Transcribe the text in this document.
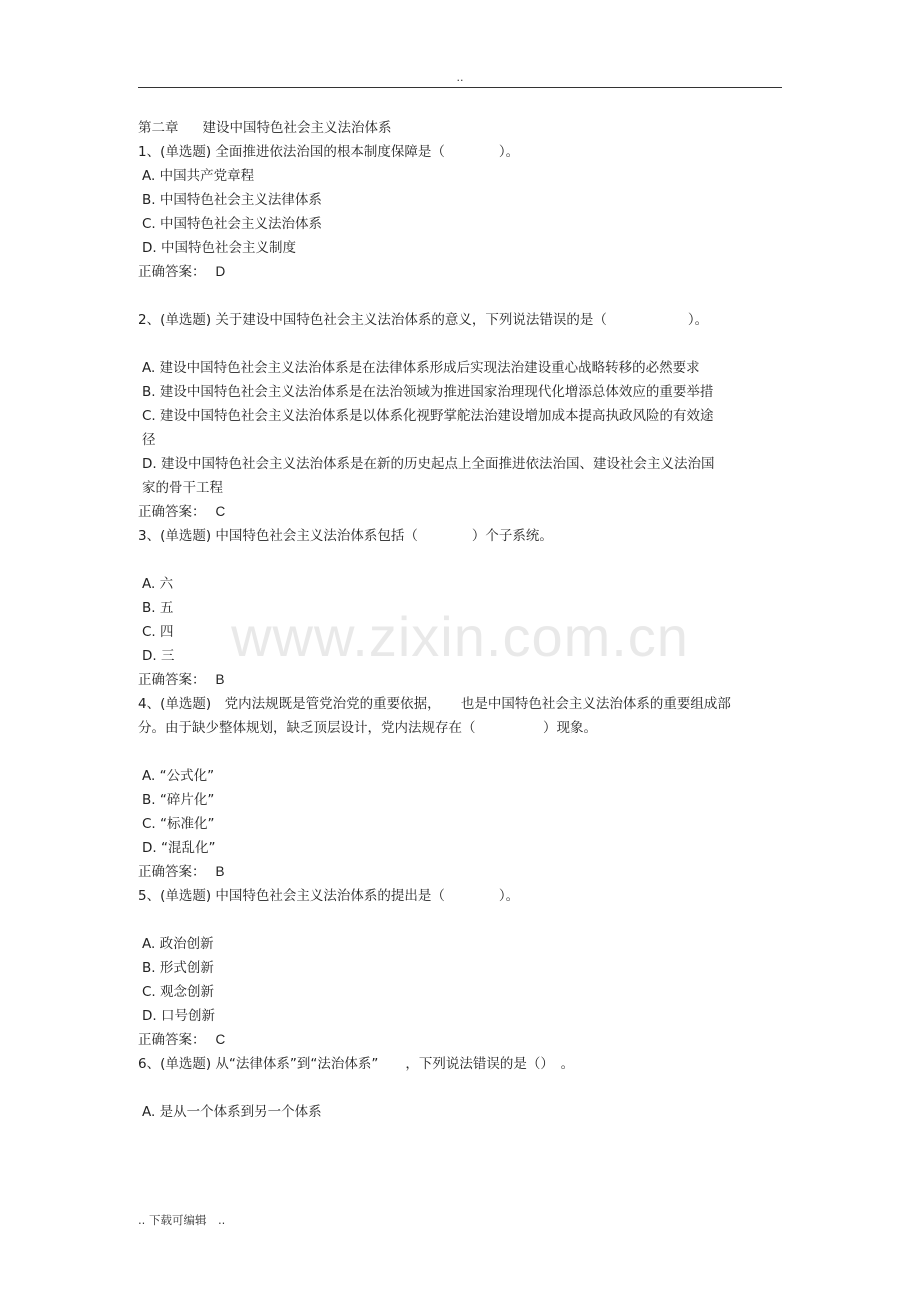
..
www.zixin.com.cn
第二章 建设中国特色社会主义法治体系
1、(单选题) 全面推进依法治国的根本制度保障是（　　　　）。
A. 中国共产党章程
B. 中国特色社会主义法律体系
C. 中国特色社会主义法治体系
D. 中国特色社会主义制度
正确答案： D
2、(单选题) 关于建设中国特色社会主义法治体系的意义，下列说法错误的是（　　　　　　）。
A. 建设中国特色社会主义法治体系是在法律体系形成后实现法治建设重心战略转移的必然要求
B. 建设中国特色社会主义法治体系是在法治领域为推进国家治理现代化增添总体效应的重要举措
C. 建设中国特色社会主义法治体系是以体系化视野掌舵法治建设增加成本提高执政风险的有效途径
D. 建设中国特色社会主义法治体系是在新的历史起点上全面推进依法治国、建设社会主义法治国家的骨干工程
正确答案： C
3、(单选题) 中国特色社会主义法治体系包括（　　　　）个子系统。
A. 六
B. 五
C. 四
D. 三
正确答案： B
4、(单选题)　党内法规既是管党治党的重要依据，　　也是中国特色社会主义法治体系的重要组成部分。由于缺少整体规划，缺乏顶层设计，党内法规存在（　　　　　）现象。
A. “公式化”
B. “碎片化”
C. “标准化”
D. “混乱化”
正确答案： B
5、(单选题) 中国特色社会主义法治体系的提出是（　　　　）。
A. 政治创新
B. 形式创新
C. 观念创新
D. 口号创新
正确答案： C
6、(单选题) 从“法律体系”到“法治体系”　　，下列说法错误的是（）　。
A. 是从一个体系到另一个体系
.. 下载可编辑　..
